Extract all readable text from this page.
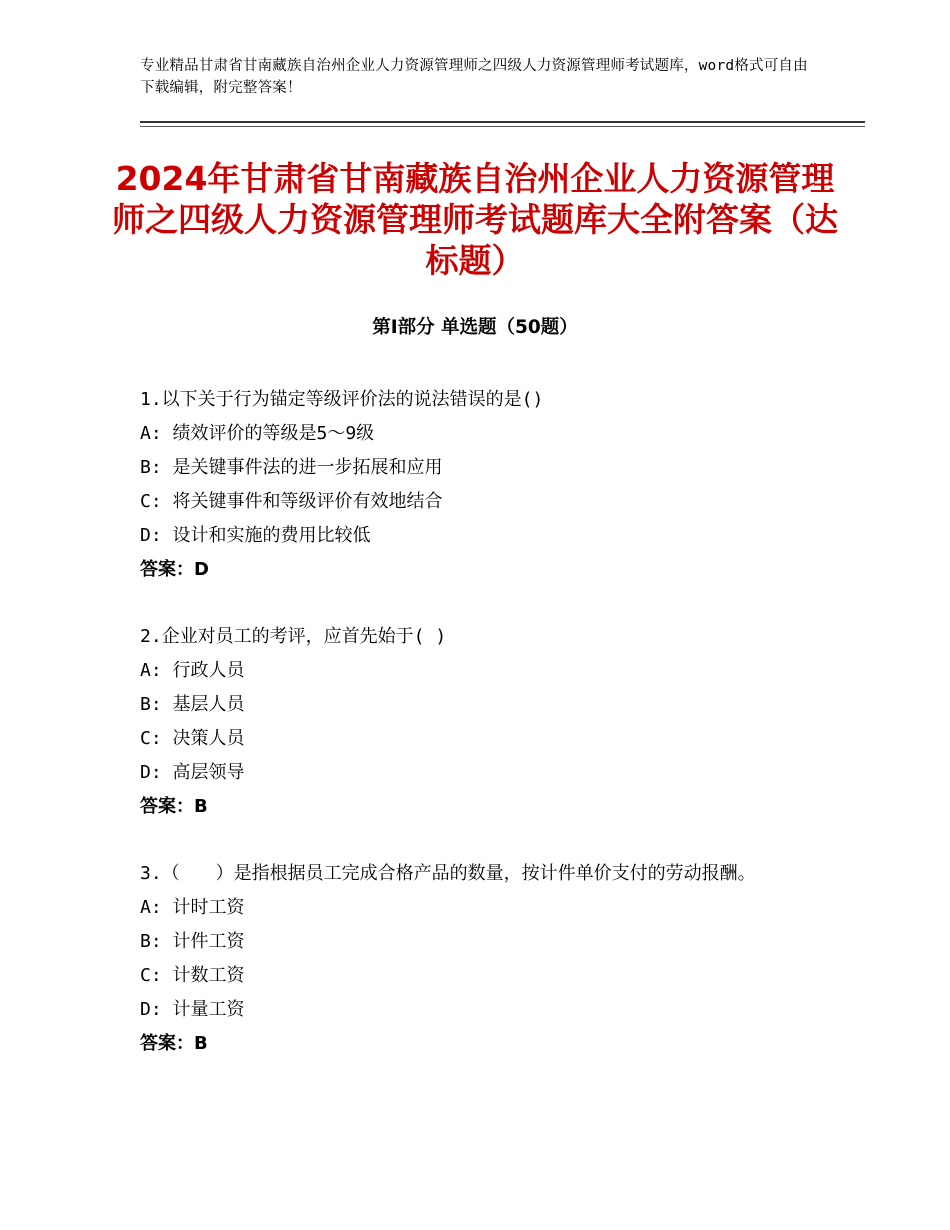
专业精品甘肃省甘南藏族自治州企业人力资源管理师之四级人力资源管理师考试题库，word格式可自由下载编辑，附完整答案！
2024年甘肃省甘南藏族自治州企业人力资源管理师之四级人力资源管理师考试题库大全附答案（达标题）
第Ⅰ部分 单选题（50题）
1.以下关于行为锚定等级评价法的说法错误的是()
A: 绩效评价的等级是5～9级
B: 是关键事件法的进一步拓展和应用
C: 将关键事件和等级评价有效地结合
D: 设计和实施的费用比较低
答案：D
2.企业对员工的考评，应首先始于( )
A: 行政人员
B: 基层人员
C: 决策人员
D: 高层领导
答案：B
3.（　　）是指根据员工完成合格产品的数量，按计件单价支付的劳动报酬。
A: 计时工资
B: 计件工资
C: 计数工资
D: 计量工资
答案：B
